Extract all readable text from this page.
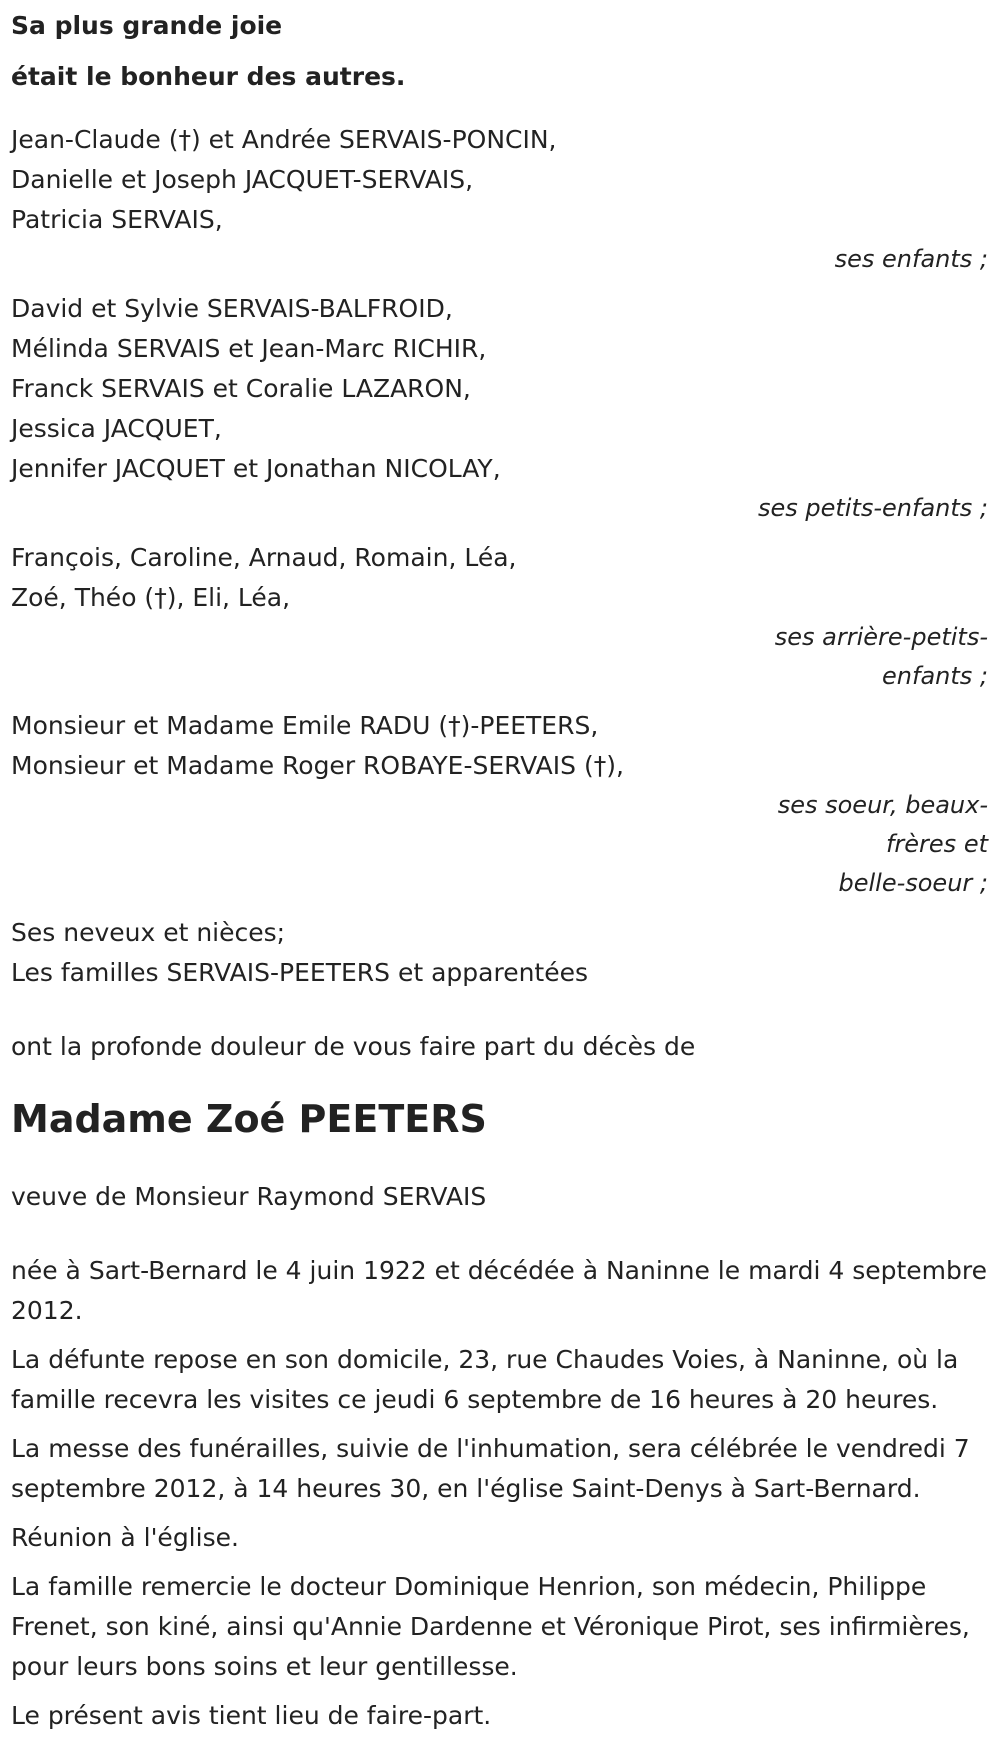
Sa plus grande joie
était le bonheur des autres.
Jean-Claude (†) et Andrée SERVAIS-PONCIN,
Danielle et Joseph JACQUET-SERVAIS,
Patricia SERVAIS,
ses enfants ;
David et Sylvie SERVAIS-BALFROID,
Mélinda SERVAIS et Jean-Marc RICHIR,
Franck SERVAIS et Coralie LAZARON,
Jessica JACQUET,
Jennifer JACQUET et Jonathan NICOLAY,
ses petits-enfants ;
François, Caroline, Arnaud, Romain, Léa,
Zoé, Théo (†), Eli, Léa,
ses arrière-petits-
enfants ;
Monsieur et Madame Emile RADU (†)-PEETERS,
Monsieur et Madame Roger ROBAYE-SERVAIS (†),
ses soeur, beaux-
frères et
belle-soeur ;
Ses neveux et nièces;
Les familles SERVAIS-PEETERS et apparentées

ont la profonde douleur de vous faire part du décès de

Madame Zoé PEETERS

veuve de Monsieur Raymond SERVAIS

née à Sart-Bernard le 4 juin 1922 et décédée à Naninne le mardi 4 septembre 2012.

La défunte repose en son domicile, 23, rue Chaudes Voies, à Naninne, où la famille recevra les visites ce jeudi 6 septembre de 16 heures à 20 heures.

La messe des funérailles, suivie de l'inhumation, sera célébrée le vendredi 7 septembre 2012, à 14 heures 30, en l'église Saint-Denys à Sart-Bernard.

Réunion à l'église.

La famille remercie le docteur Dominique Henrion, son médecin, Philippe Frenet, son kiné, ainsi qu'Annie Dardenne et Véronique Pirot, ses infirmières, pour leurs bons soins et leur gentillesse.

Le présent avis tient lieu de faire-part.
